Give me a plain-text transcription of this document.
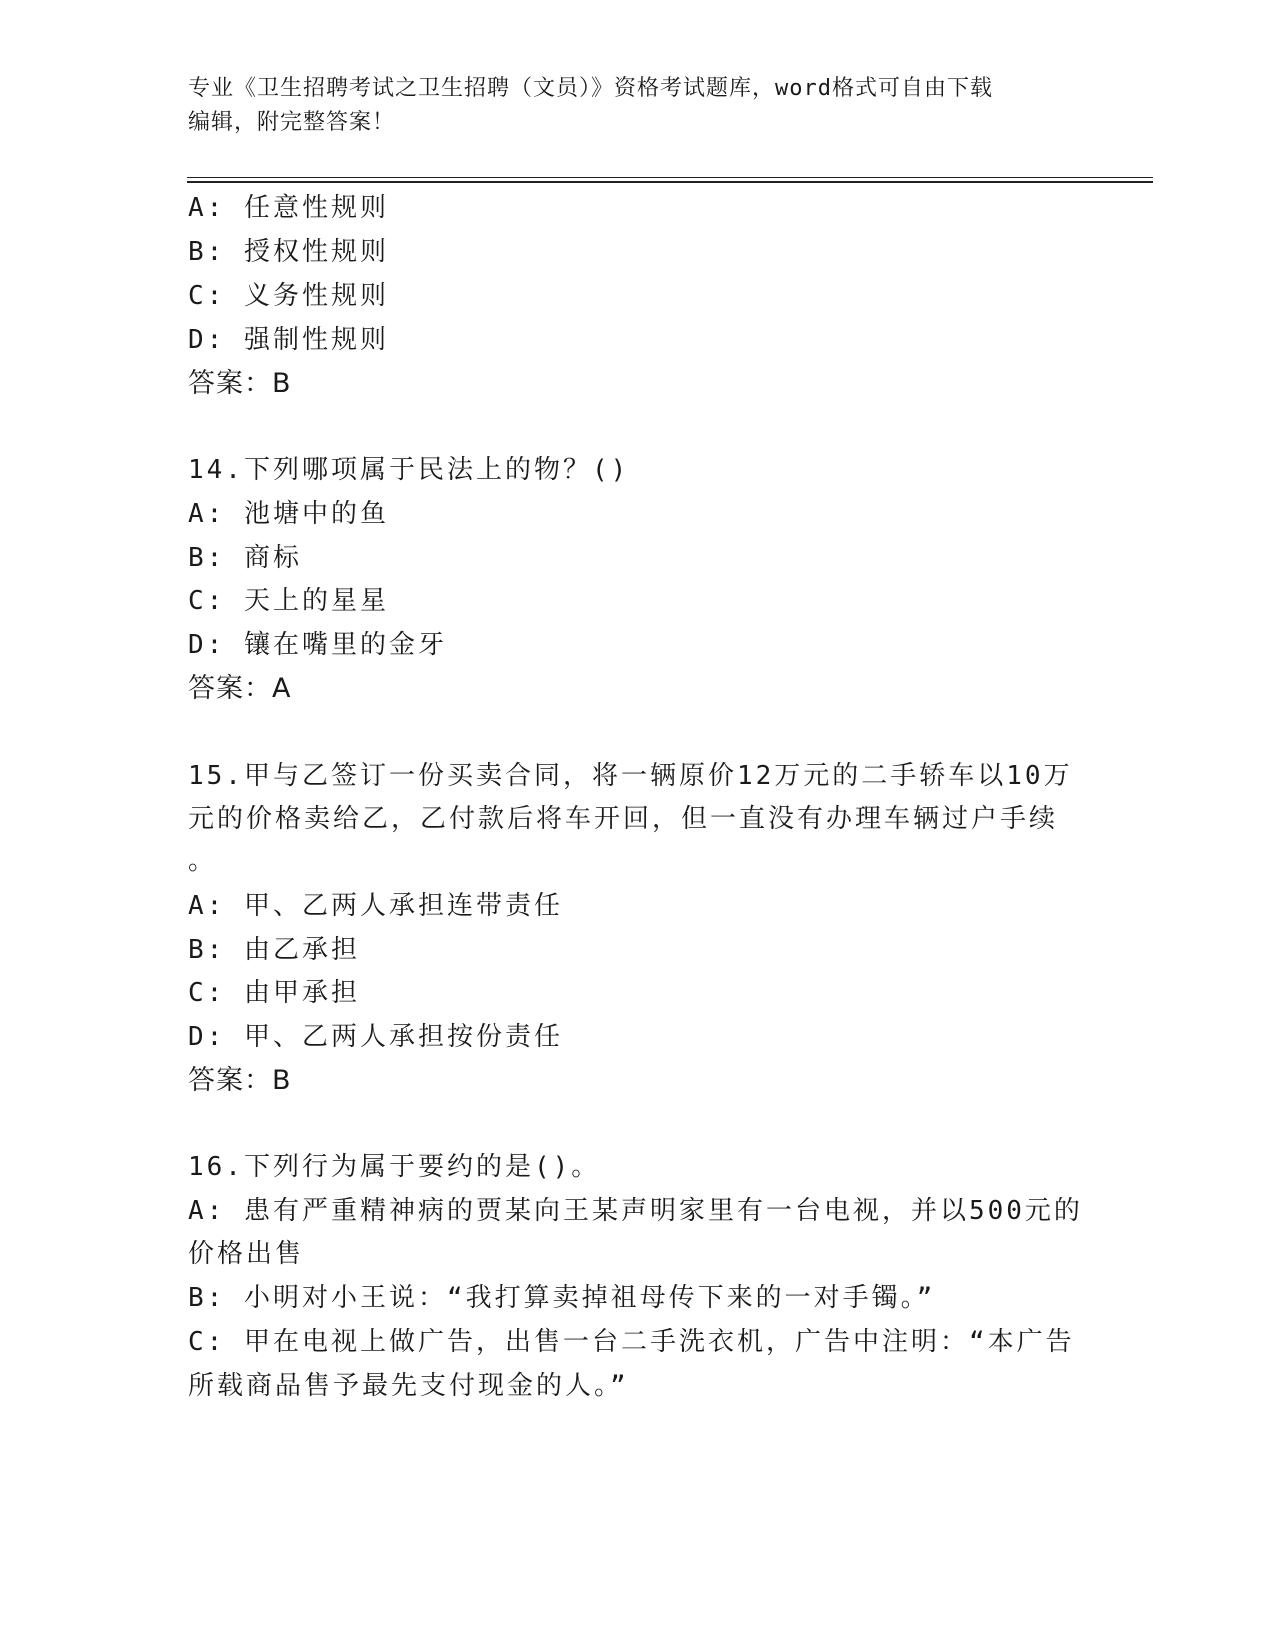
专业《卫生招聘考试之卫生招聘（文员）》资格考试题库，word格式可自由下载
编辑，附完整答案！
A: 任意性规则
B: 授权性规则
C: 义务性规则
D: 强制性规则
答案：B
14.下列哪项属于民法上的物？()
A: 池塘中的鱼
B: 商标
C: 天上的星星
D: 镶在嘴里的金牙
答案：A
15.甲与乙签订一份买卖合同，将一辆原价12万元的二手轿车以10万
元的价格卖给乙，乙付款后将车开回，但一直没有办理车辆过户手续
。
A: 甲、乙两人承担连带责任
B: 由乙承担
C: 由甲承担
D: 甲、乙两人承担按份责任
答案：B
16.下列行为属于要约的是()。
A: 患有严重精神病的贾某向王某声明家里有一台电视，并以500元的
价格出售
B: 小明对小王说：“我打算卖掉祖母传下来的一对手镯。”
C: 甲在电视上做广告，出售一台二手洗衣机，广告中注明：“本广告
所载商品售予最先支付现金的人。”
